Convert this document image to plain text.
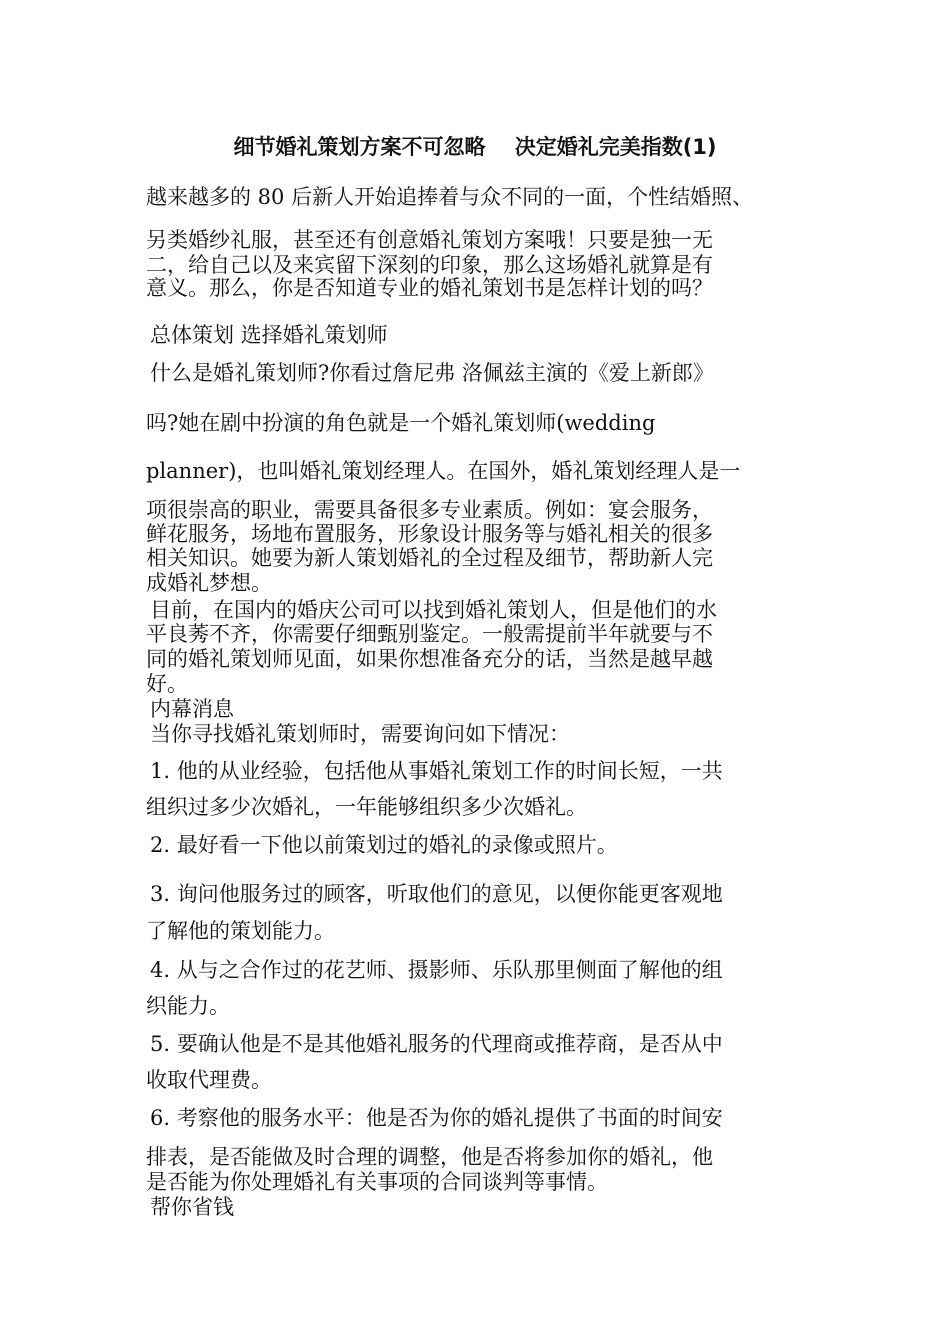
细节婚礼策划方案不可忽略    决定婚礼完美指数(1)
越来越多的 80 后新人开始追捧着与众不同的一面，个性结婚照、
另类婚纱礼服，甚至还有创意婚礼策划方案哦！只要是独一无
二，给自己以及来宾留下深刻的印象，那么这场婚礼就算是有
意义。那么，你是否知道专业的婚礼策划书是怎样计划的吗？
总体策划 选择婚礼策划师
什么是婚礼策划师?你看过詹尼弗 洛佩兹主演的《爱上新郎》
吗?她在剧中扮演的角色就是一个婚礼策划师(wedding
planner)，也叫婚礼策划经理人。在国外，婚礼策划经理人是一
项很崇高的职业，需要具备很多专业素质。例如：宴会服务，
鲜花服务，场地布置服务，形象设计服务等与婚礼相关的很多
相关知识。她要为新人策划婚礼的全过程及细节，帮助新人完
成婚礼梦想。
目前，在国内的婚庆公司可以找到婚礼策划人，但是他们的水
平良莠不齐，你需要仔细甄别鉴定。一般需提前半年就要与不
同的婚礼策划师见面，如果你想准备充分的话，当然是越早越
好。
内幕消息
当你寻找婚礼策划师时，需要询问如下情况：
1. 他的从业经验，包括他从事婚礼策划工作的时间长短，一共
组织过多少次婚礼，一年能够组织多少次婚礼。
2. 最好看一下他以前策划过的婚礼的录像或照片。
3. 询问他服务过的顾客，听取他们的意见，以便你能更客观地
了解他的策划能力。
4. 从与之合作过的花艺师、摄影师、乐队那里侧面了解他的组
织能力。
5. 要确认他是不是其他婚礼服务的代理商或推荐商，是否从中
收取代理费。
6. 考察他的服务水平：他是否为你的婚礼提供了书面的时间安
排表，是否能做及时合理的调整，他是否将参加你的婚礼，他
是否能为你处理婚礼有关事项的合同谈判等事情。
帮你省钱
